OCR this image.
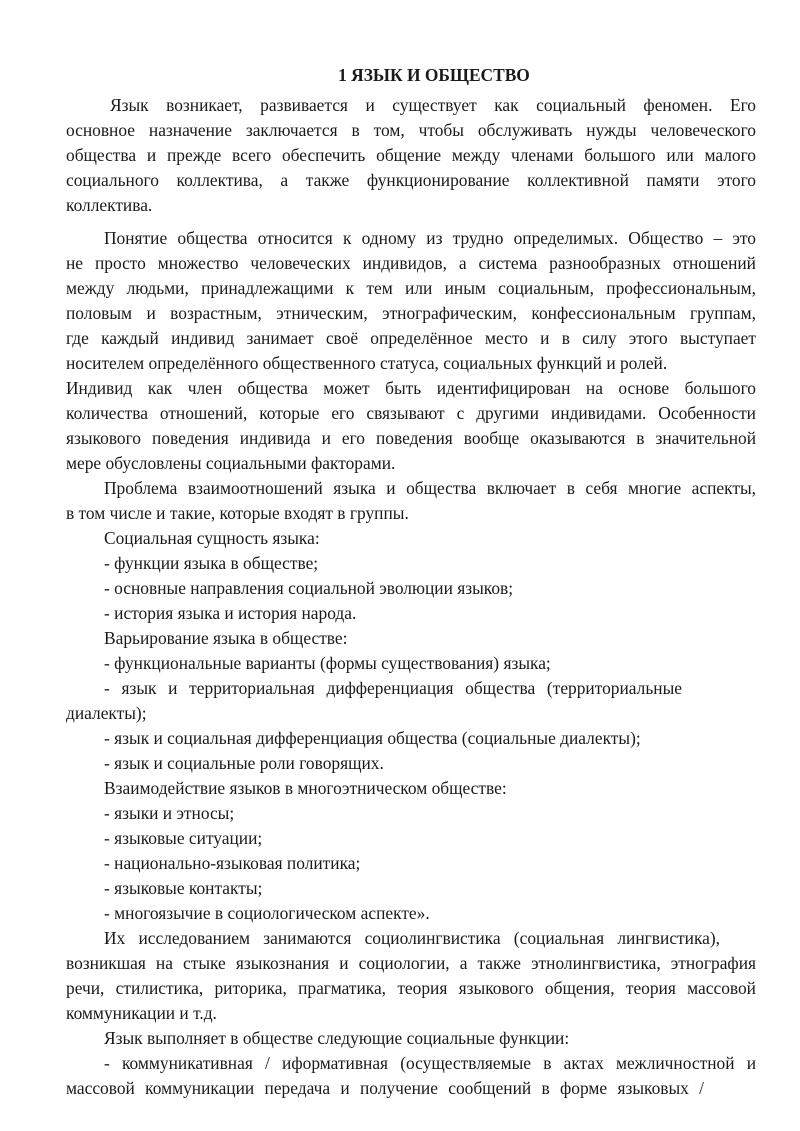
1 ЯЗЫК И ОБЩЕСТВО
Язык возникает, развивается и существует как социальный феномен. Его
основное назначение заключается в том, чтобы обслуживать нужды человеческого
общества и прежде всего обеспечить общение между членами большого или малого
социального коллектива, а также функционирование коллективной памяти этого
коллектива.
Понятие общества относится к одному из трудно определимых. Общество – это
не просто множество человеческих индивидов, а система разнообразных отношений
между людьми, принадлежащими к тем или иным социальным, профессиональным,
половым и возрастным, этническим, этнографическим, конфессиональным группам,
где каждый индивид занимает своё определённое место и в силу этого выступает
носителем определённого общественного статуса, социальных функций и ролей.
Индивид как член общества может быть идентифицирован на основе большого
количества отношений, которые его связывают с другими индивидами. Особенности
языкового поведения индивида и его поведения вообще оказываются в значительной
мере обусловлены социальными факторами.
Проблема взаимоотношений языка и общества включает в себя многие аспекты,
в том числе и такие, которые входят в группы.
Социальная сущность языка:
- функции языка в обществе;
- основные направления социальной эволюции языков;
- история языка и история народа.
Варьирование языка в обществе:
- функциональные варианты (формы существования) языка;
- язык и территориальная дифференциация общества (территориальные
диалекты);
- язык и социальная дифференциация общества (социальные диалекты);
- язык и социальные роли говорящих.
Взаимодействие языков в многоэтническом обществе:
- языки и этносы;
- языковые ситуации;
- национально-языковая политика;
- языковые контакты;
- многоязычие в социологическом аспекте».
Их исследованием занимаются социолингвистика (социальная лингвистика),
возникшая на стыке языкознания и социологии, а также этнолингвистика, этнография
речи, стилистика, риторика, прагматика, теория языкового общения, теория массовой
коммуникации и т.д.
Язык выполняет в обществе следующие социальные функции:
- коммуникативная / иформативная (осуществляемые в актах межличностной и
массовой коммуникации передача и получение сообщений в форме языковых /
